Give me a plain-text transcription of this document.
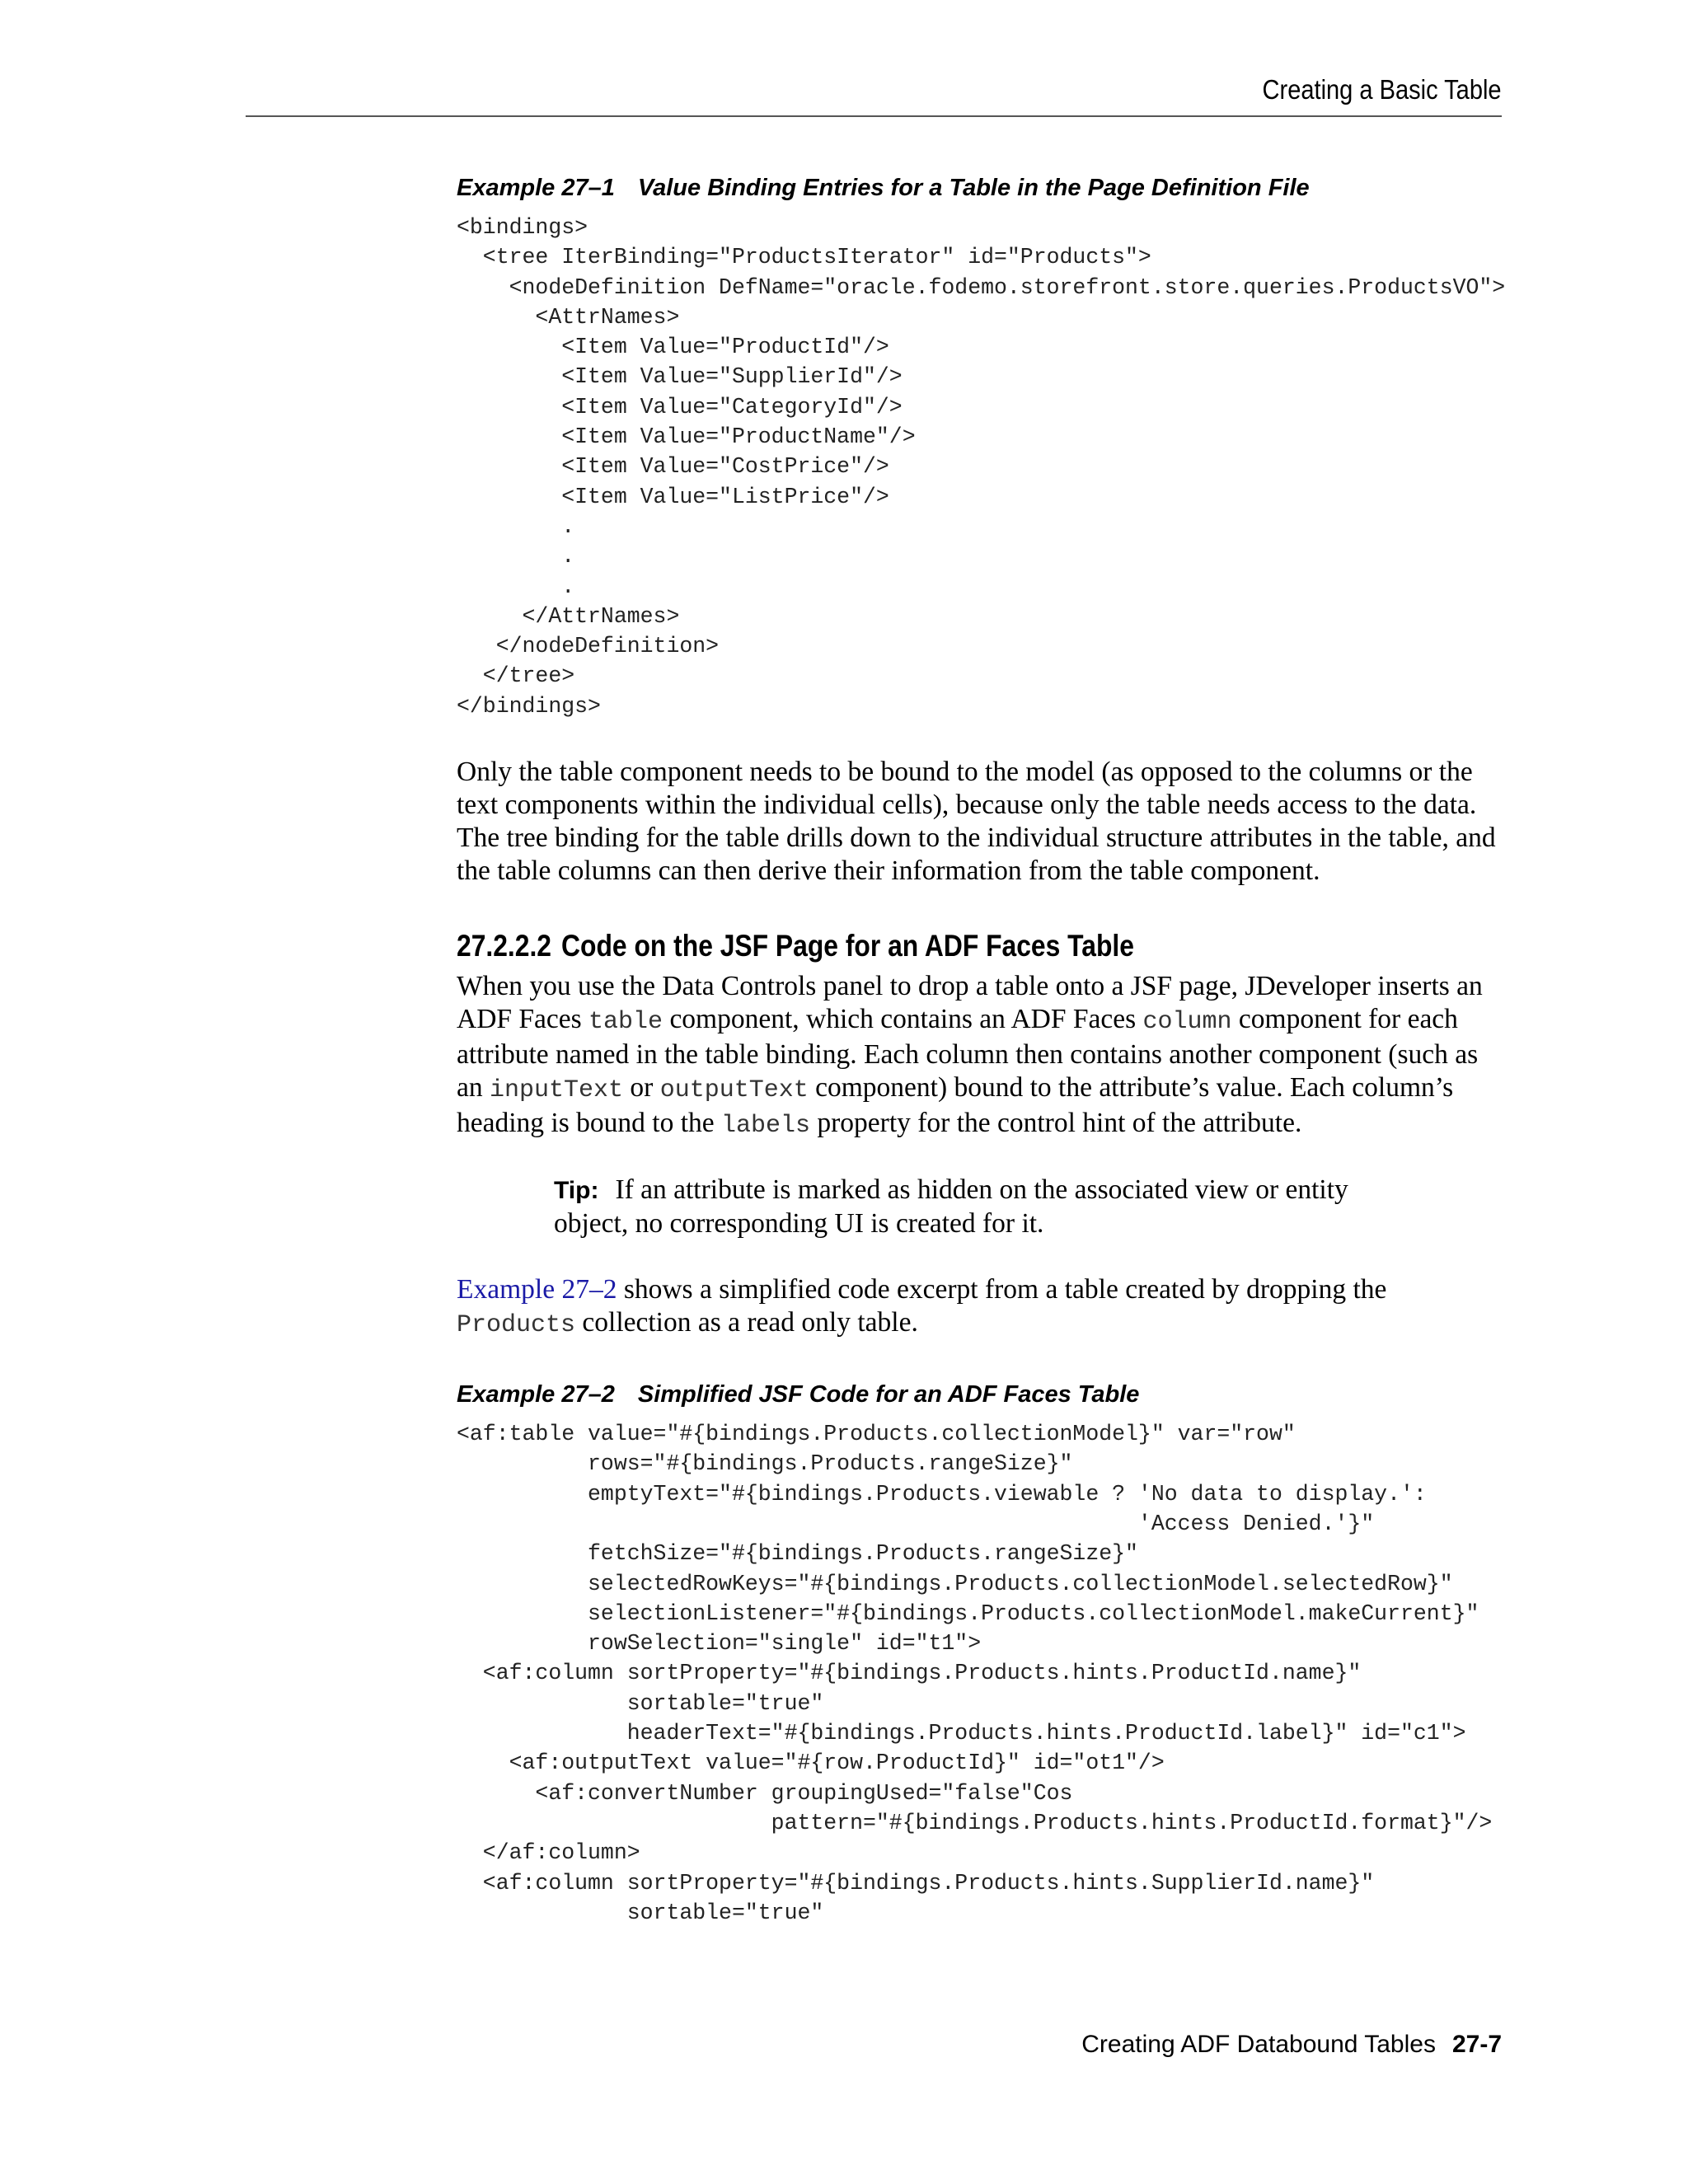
Creating a Basic Table
Example 27–1 Value Binding Entries for a Table in the Page Definition File
<bindings>
<tree IterBinding="ProductsIterator" id="Products">
<nodeDefinition DefName="oracle.fodemo.storefront.store.queries.ProductsVO">
<AttrNames>
<Item Value="ProductId"/>
<Item Value="SupplierId"/>
<Item Value="CategoryId"/>
<Item Value="ProductName"/>
<Item Value="CostPrice"/>
<Item Value="ListPrice"/>
.
.
.
</AttrNames>
</nodeDefinition>
</tree>
</bindings>

Only the table component needs to be bound to the model (as opposed to the columns or the text components within the individual cells), because only the table needs access to the data. The tree binding for the table drills down to the individual structure attributes in the table, and the table columns can then derive their information from the table component.

27.2.2.2 Code on the JSF Page for an ADF Faces Table

When you use the Data Controls panel to drop a table onto a JSF page, JDeveloper inserts an ADF Faces table component, which contains an ADF Faces column component for each attribute named in the table binding. Each column then contains another component (such as an inputText or outputText component) bound to the attribute’s value. Each column’s heading is bound to the labels property for the control hint of the attribute.

Tip: If an attribute is marked as hidden on the associated view or entity object, no corresponding UI is created for it.

Example 27–2 shows a simplified code excerpt from a table created by dropping the Products collection as a read only table.

Example 27–2 Simplified JSF Code for an ADF Faces Table
<af:table value="#{bindings.Products.collectionModel}" var="row"
rows="#{bindings.Products.rangeSize}"
emptyText="#{bindings.Products.viewable ? 'No data to display.':
'Access Denied.'}"
fetchSize="#{bindings.Products.rangeSize}"
selectedRowKeys="#{bindings.Products.collectionModel.selectedRow}"
selectionListener="#{bindings.Products.collectionModel.makeCurrent}"
rowSelection="single" id="t1">
<af:column sortProperty="#{bindings.Products.hints.ProductId.name}"
sortable="true"
headerText="#{bindings.Products.hints.ProductId.label}" id="c1">
<af:outputText value="#{row.ProductId}" id="ot1"/>
<af:convertNumber groupingUsed="false"Cos
pattern="#{bindings.Products.hints.ProductId.format}"/>
</af:column>
<af:column sortProperty="#{bindings.Products.hints.SupplierId.name}"
sortable="true"
Creating ADF Databound Tables 27-7
